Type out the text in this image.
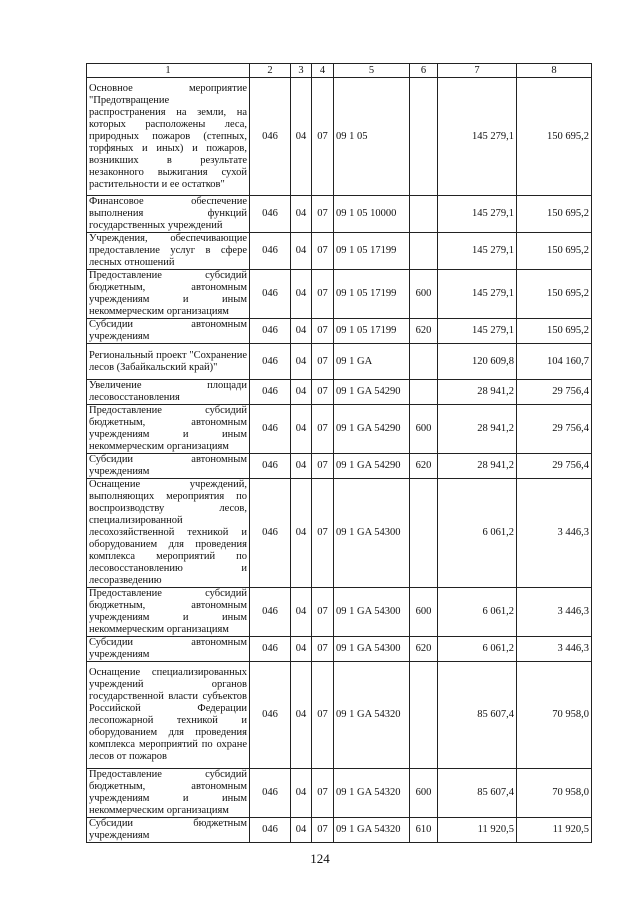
1	2	3	4	5	6	7	8
Основное мероприятие "Предотвращение распространения на земли, на которых расположены леса, природных пожаров (степных, торфяных и иных) и пожаров, возникших в результате незаконного выжигания сухой растительности и ее остатков"	046	04	07	09 1 05		145 279,1	150 695,2
Финансовое обеспечение выполнения функций государственных учреждений	046	04	07	09 1 05 10000		145 279,1	150 695,2
Учреждения, обеспечивающие предоставление услуг в сфере лесных отношений	046	04	07	09 1 05 17199		145 279,1	150 695,2
Предоставление субсидий бюджетным, автономным учреждениям и иным некоммерческим организациям	046	04	07	09 1 05 17199	600	145 279,1	150 695,2
Субсидии автономным учреждениям	046	04	07	09 1 05 17199	620	145 279,1	150 695,2
Региональный проект "Сохранение лесов (Забайкальский край)"	046	04	07	09 1 GA		120 609,8	104 160,7
Увеличение площади лесовосстановления	046	04	07	09 1 GA 54290		28 941,2	29 756,4
Предоставление субсидий бюджетным, автономным учреждениям и иным некоммерческим организациям	046	04	07	09 1 GA 54290	600	28 941,2	29 756,4
Субсидии автономным учреждениям	046	04	07	09 1 GA 54290	620	28 941,2	29 756,4
Оснащение учреждений, выполняющих мероприятия по воспроизводству лесов, специализированной лесохозяйственной техникой и оборудованием для проведения комплекса мероприятий по лесовосстановлению и лесоразведению	046	04	07	09 1 GA 54300		6 061,2	3 446,3
Предоставление субсидий бюджетным, автономным учреждениям и иным некоммерческим организациям	046	04	07	09 1 GA 54300	600	6 061,2	3 446,3
Субсидии автономным учреждениям	046	04	07	09 1 GA 54300	620	6 061,2	3 446,3
Оснащение специализированных учреждений органов государственной власти субъектов Российской Федерации лесопожарной техникой и оборудованием для проведения комплекса мероприятий по охране лесов от пожаров	046	04	07	09 1 GA 54320		85 607,4	70 958,0
Предоставление субсидий бюджетным, автономным учреждениям и иным некоммерческим организациям	046	04	07	09 1 GA 54320	600	85 607,4	70 958,0
Субсидии бюджетным учреждениям	046	04	07	09 1 GA 54320	610	11 920,5	11 920,5
124
